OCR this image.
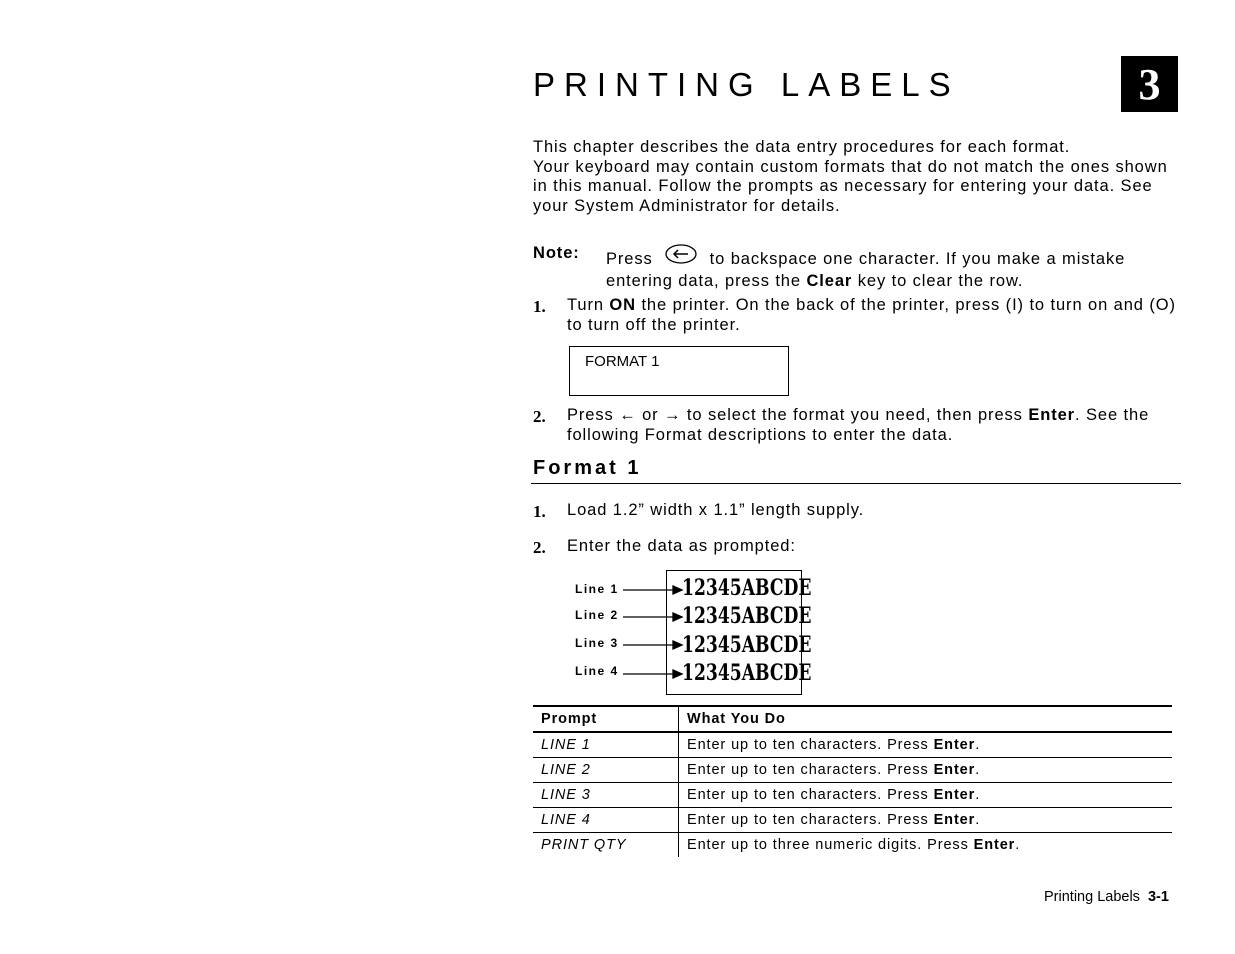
PRINTING LABELS	3

This chapter describes the data entry procedures for each format.

Your keyboard may contain custom formats that do not match the ones shown in this manual. Follow the prompts as necessary for entering your data. See your System Administrator for details.

Note: Press	to backspace one character. If you make a mistake entering data, press the Clear key to clear the row.
1. Turn ON the printer. On the back of the printer, press (I) to turn on and (O) to turn off the printer.
FORMAT 1
2. Press ← or → to select the format you need, then press Enter. See the following Format descriptions to enter the data.
Format 1
1. Load 1.2” width x 1.1” length supply.
2. Enter the data as prompted:
Line 1
Line 2
Line 3
Line 4
12345ABCDE
12345ABCDE
12345ABCDE
12345ABCDE
Prompt	What You Do
LINE 1	Enter up to ten characters. Press Enter.
LINE 2	Enter up to ten characters. Press Enter.
LINE 3	Enter up to ten characters. Press Enter.
LINE 4	Enter up to ten characters. Press Enter.
PRINT QTY	Enter up to three numeric digits. Press Enter.
Printing Labels 3-1
